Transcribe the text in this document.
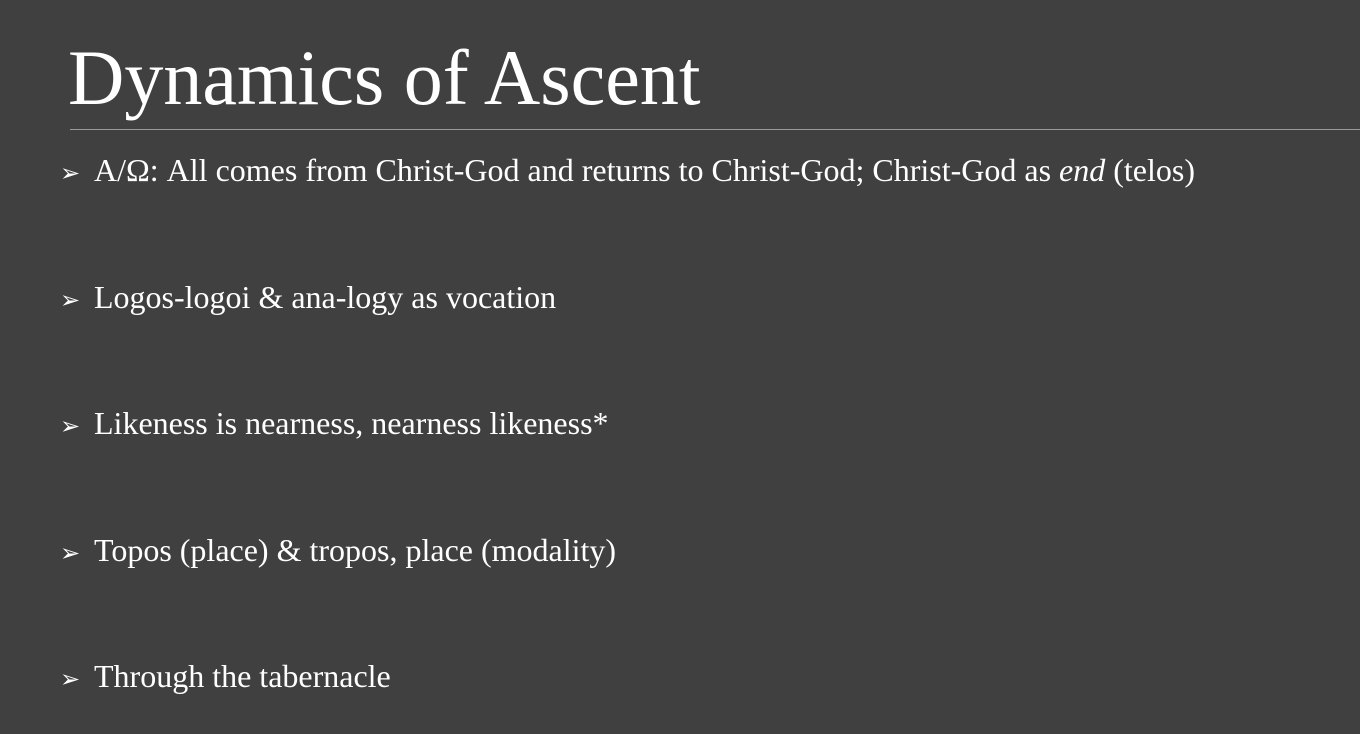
Dynamics of Ascent
➢ A/Ω: All comes from Christ-God and returns to Christ-God; Christ-God as end (telos)
➢ Logos-logoi & ana-logy as vocation
➢ Likeness is nearness, nearness likeness*
➢ Topos (place) & tropos, place (modality)
➢ Through the tabernacle
